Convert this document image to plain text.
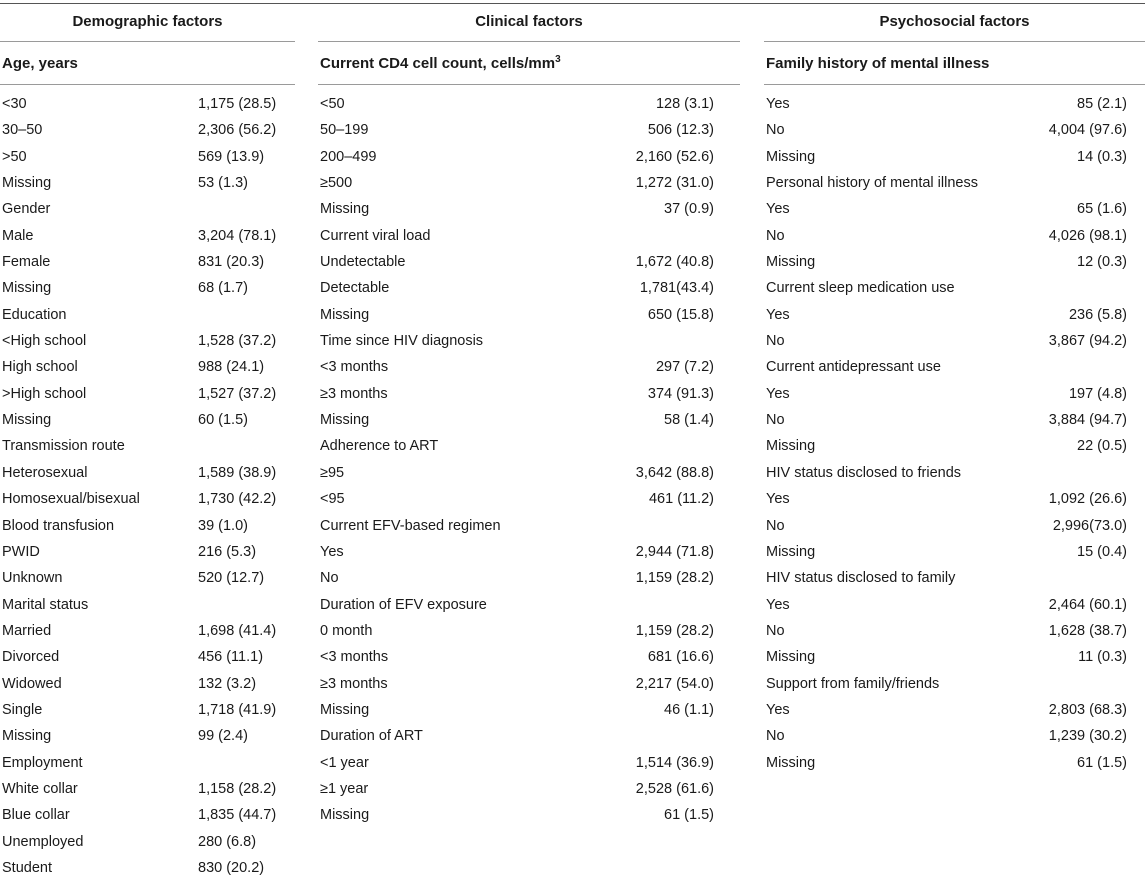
Demographic factors
Age, years
<30	1,175 (28.5)
30–50	2,306 (56.2)
>50	569 (13.9)
Missing	53 (1.3)
Gender
Male	3,204 (78.1)
Female	831 (20.3)
Missing	68 (1.7)
Education
<High school	1,528 (37.2)
High school	988 (24.1)
>High school	1,527 (37.2)
Missing	60 (1.5)
Transmission route
Heterosexual	1,589 (38.9)
Homosexual/bisexual	1,730 (42.2)
Blood transfusion	39 (1.0)
PWID	216 (5.3)
Unknown	520 (12.7)
Marital status
Married	1,698 (41.4)
Divorced	456 (11.1)
Widowed	132 (3.2)
Single	1,718 (41.9)
Missing	99 (2.4)
Employment
White collar	1,158 (28.2)
Blue collar	1,835 (44.7)
Unemployed	280 (6.8)
Student	830 (20.2)
Clinical factors
Current CD4 cell count, cells/$mm^3$
<50	128 (3.1)
50–199	506 (12.3)
200–499	2,160 (52.6)
≥500	1,272 (31.0)
Missing	37 (0.9)
Current viral load
Undetectable	1,672 (40.8)
Detectable	1,781(43.4)
Missing	650 (15.8)
Time since HIV diagnosis
<3 months	297 (7.2)
≥3 months	374 (91.3)
Missing	58 (1.4)
Adherence to ART
≥95	3,642 (88.8)
<95	461 (11.2)
Current EFV-based regimen
Yes	2,944 (71.8)
No	1,159 (28.2)
Duration of EFV exposure
0 month	1,159 (28.2)
<3 months	681 (16.6)
≥3 months	2,217 (54.0)
Missing	46 (1.1)
Duration of ART
<1 year	1,514 (36.9)
≥1 year	2,528 (61.6)
Missing	61 (1.5)
Psychosocial factors
Family history of mental illness
Yes	85 (2.1)
No	4,004 (97.6)
Missing	14 (0.3)
Personal history of mental illness
Yes	65 (1.6)
No	4,026 (98.1)
Missing	12 (0.3)
Current sleep medication use
Yes	236 (5.8)
No	3,867 (94.2)
Current antidepressant use
Yes	197 (4.8)
No	3,884 (94.7)
Missing	22 (0.5)
HIV status disclosed to friends
Yes	1,092 (26.6)
No	2,996(73.0)
Missing	15 (0.4)
HIV status disclosed to family
Yes	2,464 (60.1)
No	1,628 (38.7)
Missing	11 (0.3)
Support from family/friends
Yes	2,803 (68.3)
No	1,239 (30.2)
Missing	61 (1.5)
